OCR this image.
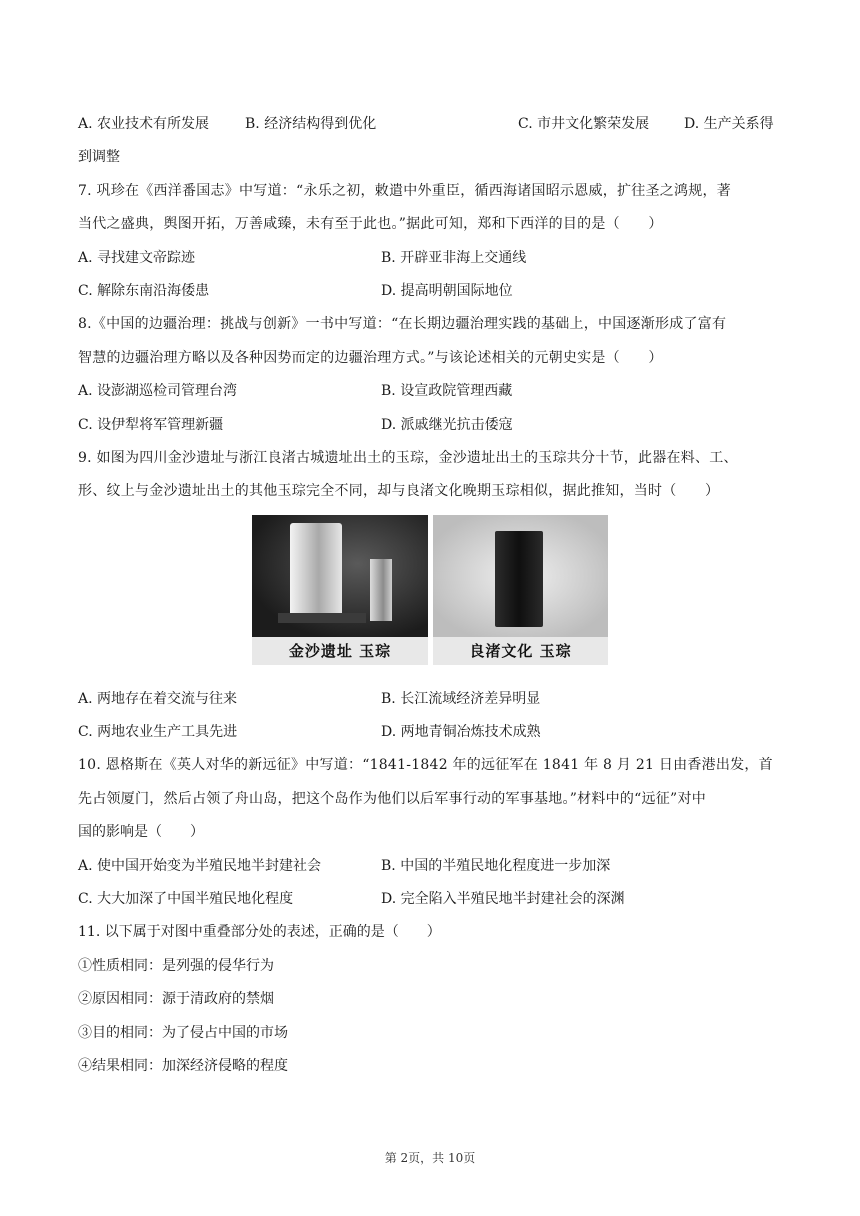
A. 农业技术有所发展	B. 经济结构得到优化	C. 市井文化繁荣发展	D. 生产关系得
到调整
7. 巩珍在《西洋番国志》中写道：“永乐之初，敕遣中外重臣，循西海诸国昭示恩威，扩往圣之鸿规，著
当代之盛典，舆图开拓，万善咸臻，未有至于此也。”据此可知，郑和下西洋的目的是（　　）
A. 寻找建文帝踪迹	B. 开辟亚非海上交通线
C. 解除东南沿海倭患	D. 提高明朝国际地位
8.《中国的边疆治理：挑战与创新》一书中写道：“在长期边疆治理实践的基础上，中国逐渐形成了富有
智慧的边疆治理方略以及各种因势而定的边疆治理方式。”与该论述相关的元朝史实是（　　）
A. 设澎湖巡检司管理台湾	B. 设宣政院管理西藏
C. 设伊犁将军管理新疆	D. 派戚继光抗击倭寇
9. 如图为四川金沙遗址与浙江良渚古城遗址出土的玉琮，金沙遗址出土的玉琮共分十节，此器在料、工、
形、纹上与金沙遗址出土的其他玉琮完全不同，却与良渚文化晚期玉琮相似，据此推知，当时（　　）
金沙遗址 玉琮	良渚文化 玉琮
A. 两地存在着交流与往来	B. 长江流域经济差异明显
C. 两地农业生产工具先进	D. 两地青铜冶炼技术成熟
10. 恩格斯在《英人对华的新远征》中写道：“1841-1842 年的远征军在 1841 年 8 月 21 日由香港出发，首
先占领厦门，然后占领了舟山岛，把这个岛作为他们以后军事行动的军事基地。”材料中的“远征”对中
国的影响是（　　）
A. 使中国开始变为半殖民地半封建社会	B. 中国的半殖民地化程度进一步加深
C. 大大加深了中国半殖民地化程度	D. 完全陷入半殖民地半封建社会的深渊
11. 以下属于对图中重叠部分处的表述，正确的是（　　）
①性质相同：是列强的侵华行为
②原因相同：源于清政府的禁烟
③目的相同：为了侵占中国的市场
④结果相同：加深经济侵略的程度
第 2页，共 10页
